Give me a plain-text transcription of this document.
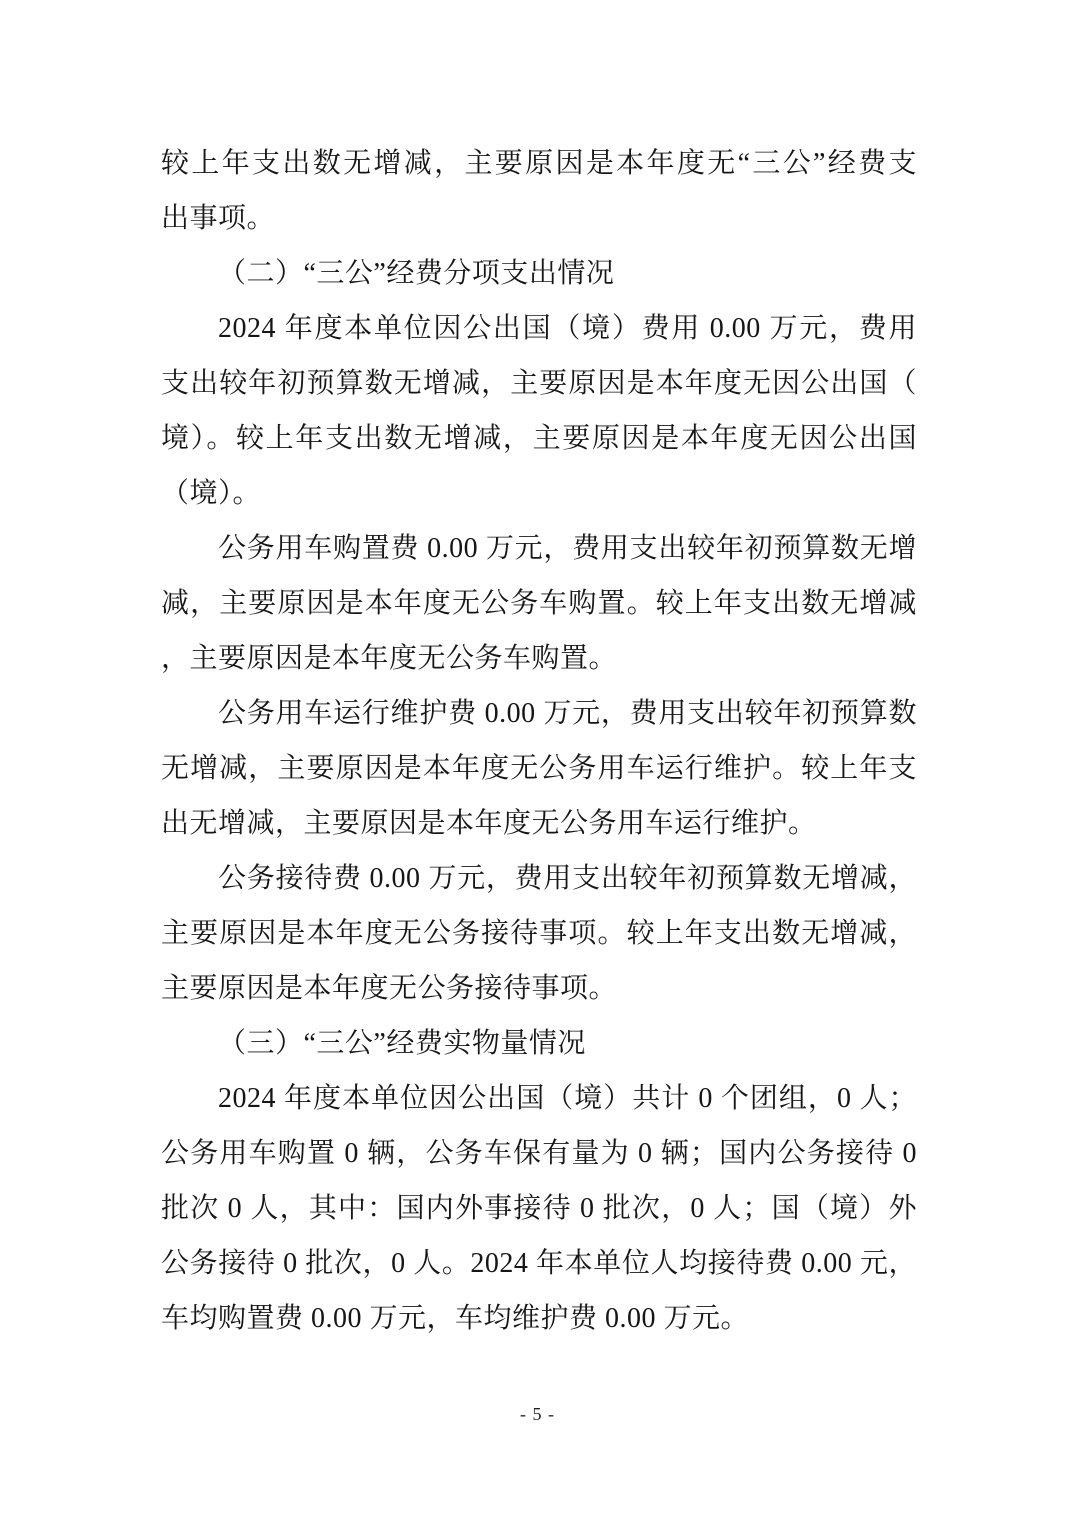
较上年支出数无增减，主要原因是本年度无“三公”经费支
出事项。
（二）“三公”经费分项支出情况
2024 年度本单位因公出国（境）费用 0.00 万元，费用
支出较年初预算数无增减，主要原因是本年度无因公出国（
境）。较上年支出数无增减，主要原因是本年度无因公出国
（境）。
公务用车购置费 0.00 万元，费用支出较年初预算数无增
减，主要原因是本年度无公务车购置。较上年支出数无增减
，主要原因是本年度无公务车购置。
公务用车运行维护费 0.00 万元，费用支出较年初预算数
无增减，主要原因是本年度无公务用车运行维护。较上年支
出无增减，主要原因是本年度无公务用车运行维护。
公务接待费 0.00 万元，费用支出较年初预算数无增减，
主要原因是本年度无公务接待事项。较上年支出数无增减，
主要原因是本年度无公务接待事项。
（三）“三公”经费实物量情况
2024 年度本单位因公出国（境）共计 0 个团组，0 人；
公务用车购置 0 辆，公务车保有量为 0 辆；国内公务接待 0
批次 0 人，其中：国内外事接待 0 批次，0 人；国（境）外
公务接待 0 批次，0 人。2024 年本单位人均接待费 0.00 元，
车均购置费 0.00 万元，车均维护费 0.00 万元。
- 5 -
